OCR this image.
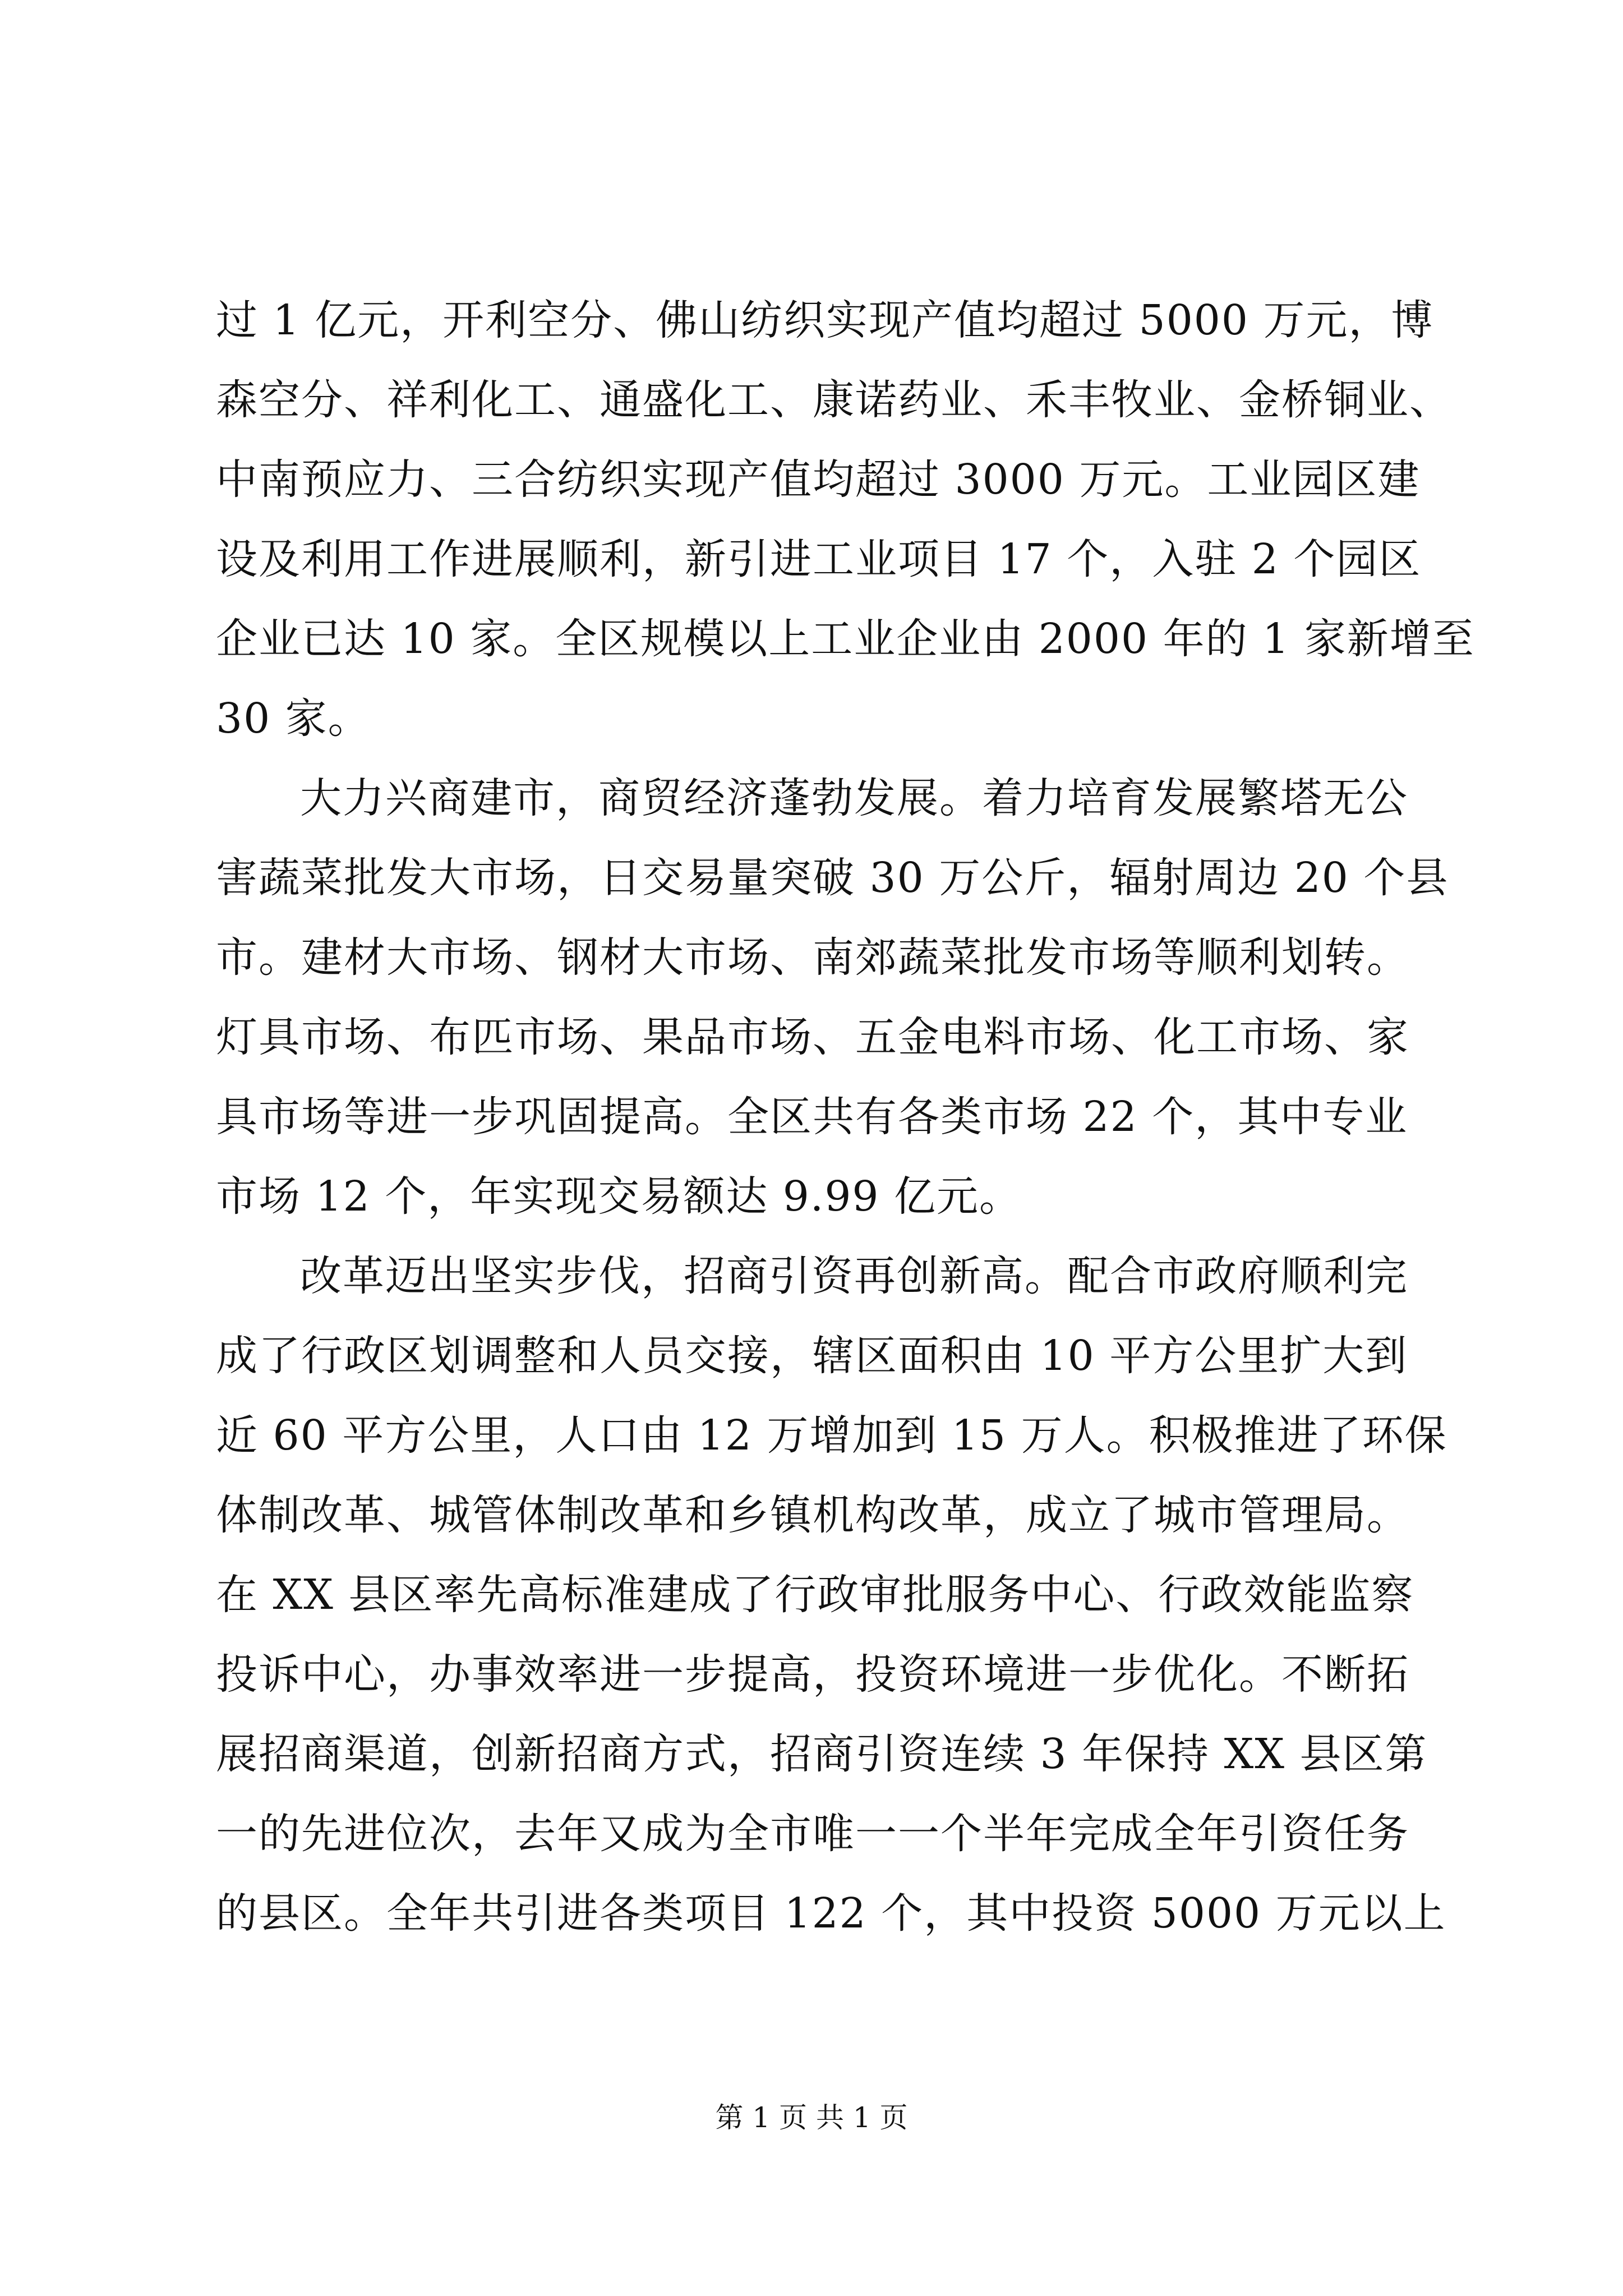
过 1 亿元，开利空分、佛山纺织实现产值均超过 5000 万元，博
森空分、祥利化工、通盛化工、康诺药业、禾丰牧业、金桥铜业、
中南预应力、三合纺织实现产值均超过 3000 万元。工业园区建
设及利用工作进展顺利，新引进工业项目 17 个，入驻 2 个园区
企业已达 10 家。全区规模以上工业企业由 2000 年的 1 家新增至
30 家。
大力兴商建市，商贸经济蓬勃发展。着力培育发展繁塔无公
害蔬菜批发大市场，日交易量突破 30 万公斤，辐射周边 20 个县
市。建材大市场、钢材大市场、南郊蔬菜批发市场等顺利划转。
灯具市场、布匹市场、果品市场、五金电料市场、化工市场、家
具市场等进一步巩固提高。全区共有各类市场 22 个，其中专业
市场 12 个，年实现交易额达 9.99 亿元。
改革迈出坚实步伐，招商引资再创新高。配合市政府顺利完
成了行政区划调整和人员交接，辖区面积由 10 平方公里扩大到
近 60 平方公里，人口由 12 万增加到 15 万人。积极推进了环保
体制改革、城管体制改革和乡镇机构改革，成立了城市管理局。
在 XX 县区率先高标准建成了行政审批服务中心、行政效能监察
投诉中心，办事效率进一步提高，投资环境进一步优化。不断拓
展招商渠道，创新招商方式，招商引资连续 3 年保持 XX 县区第
一的先进位次，去年又成为全市唯一一个半年完成全年引资任务
的县区。全年共引进各类项目 122 个，其中投资 5000 万元以上
第 1 页 共 1 页
